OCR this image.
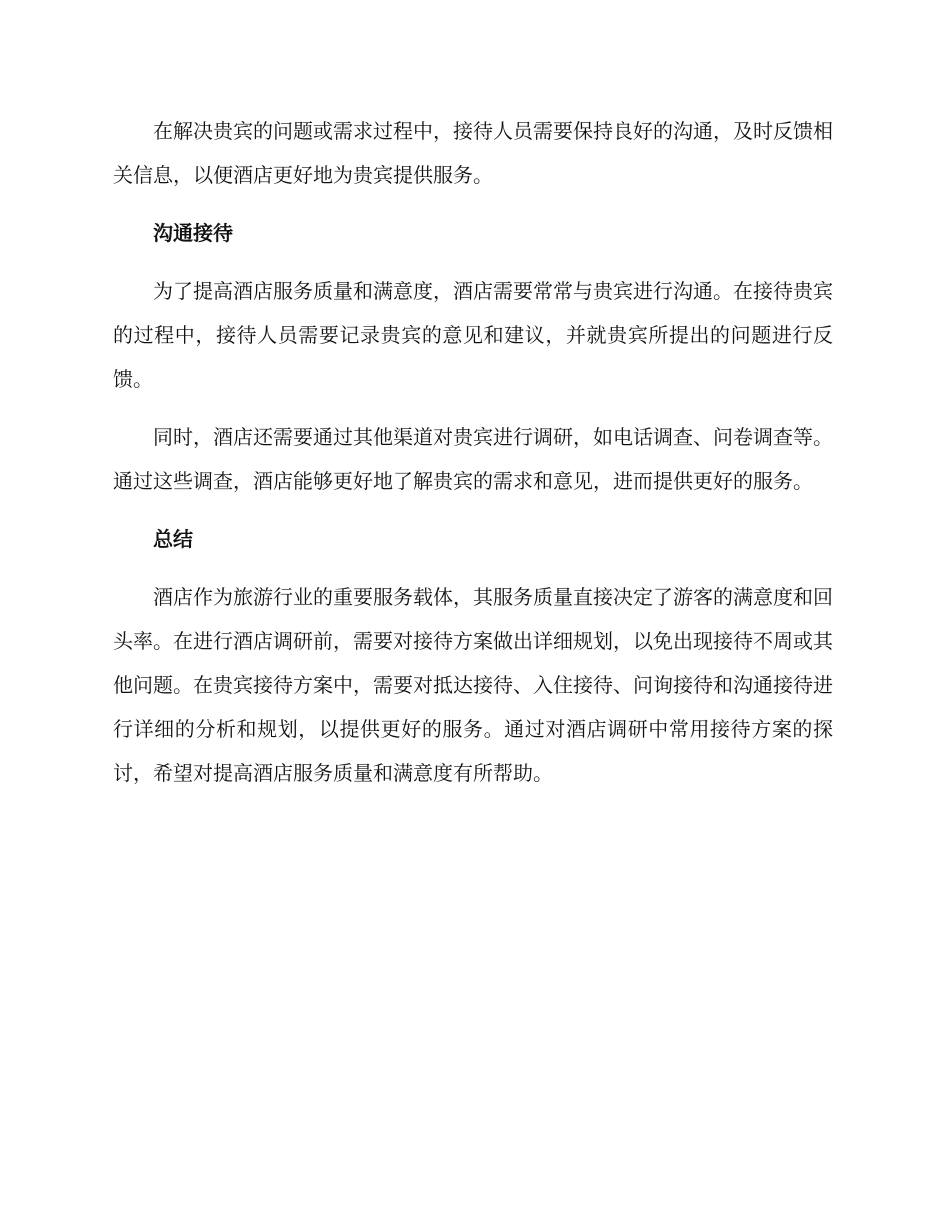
在解决贵宾的问题或需求过程中，接待人员需要保持良好的沟通，及时反馈相关信息，以便酒店更好地为贵宾提供服务。

沟通接待

为了提高酒店服务质量和满意度，酒店需要常常与贵宾进行沟通。在接待贵宾的过程中，接待人员需要记录贵宾的意见和建议，并就贵宾所提出的问题进行反馈。

同时，酒店还需要通过其他渠道对贵宾进行调研，如电话调查、问卷调查等。通过这些调查，酒店能够更好地了解贵宾的需求和意见，进而提供更好的服务。

总结

酒店作为旅游行业的重要服务载体，其服务质量直接决定了游客的满意度和回头率。在进行酒店调研前，需要对接待方案做出详细规划，以免出现接待不周或其他问题。在贵宾接待方案中，需要对抵达接待、入住接待、问询接待和沟通接待进行详细的分析和规划，以提供更好的服务。通过对酒店调研中常用接待方案的探讨，希望对提高酒店服务质量和满意度有所帮助。
